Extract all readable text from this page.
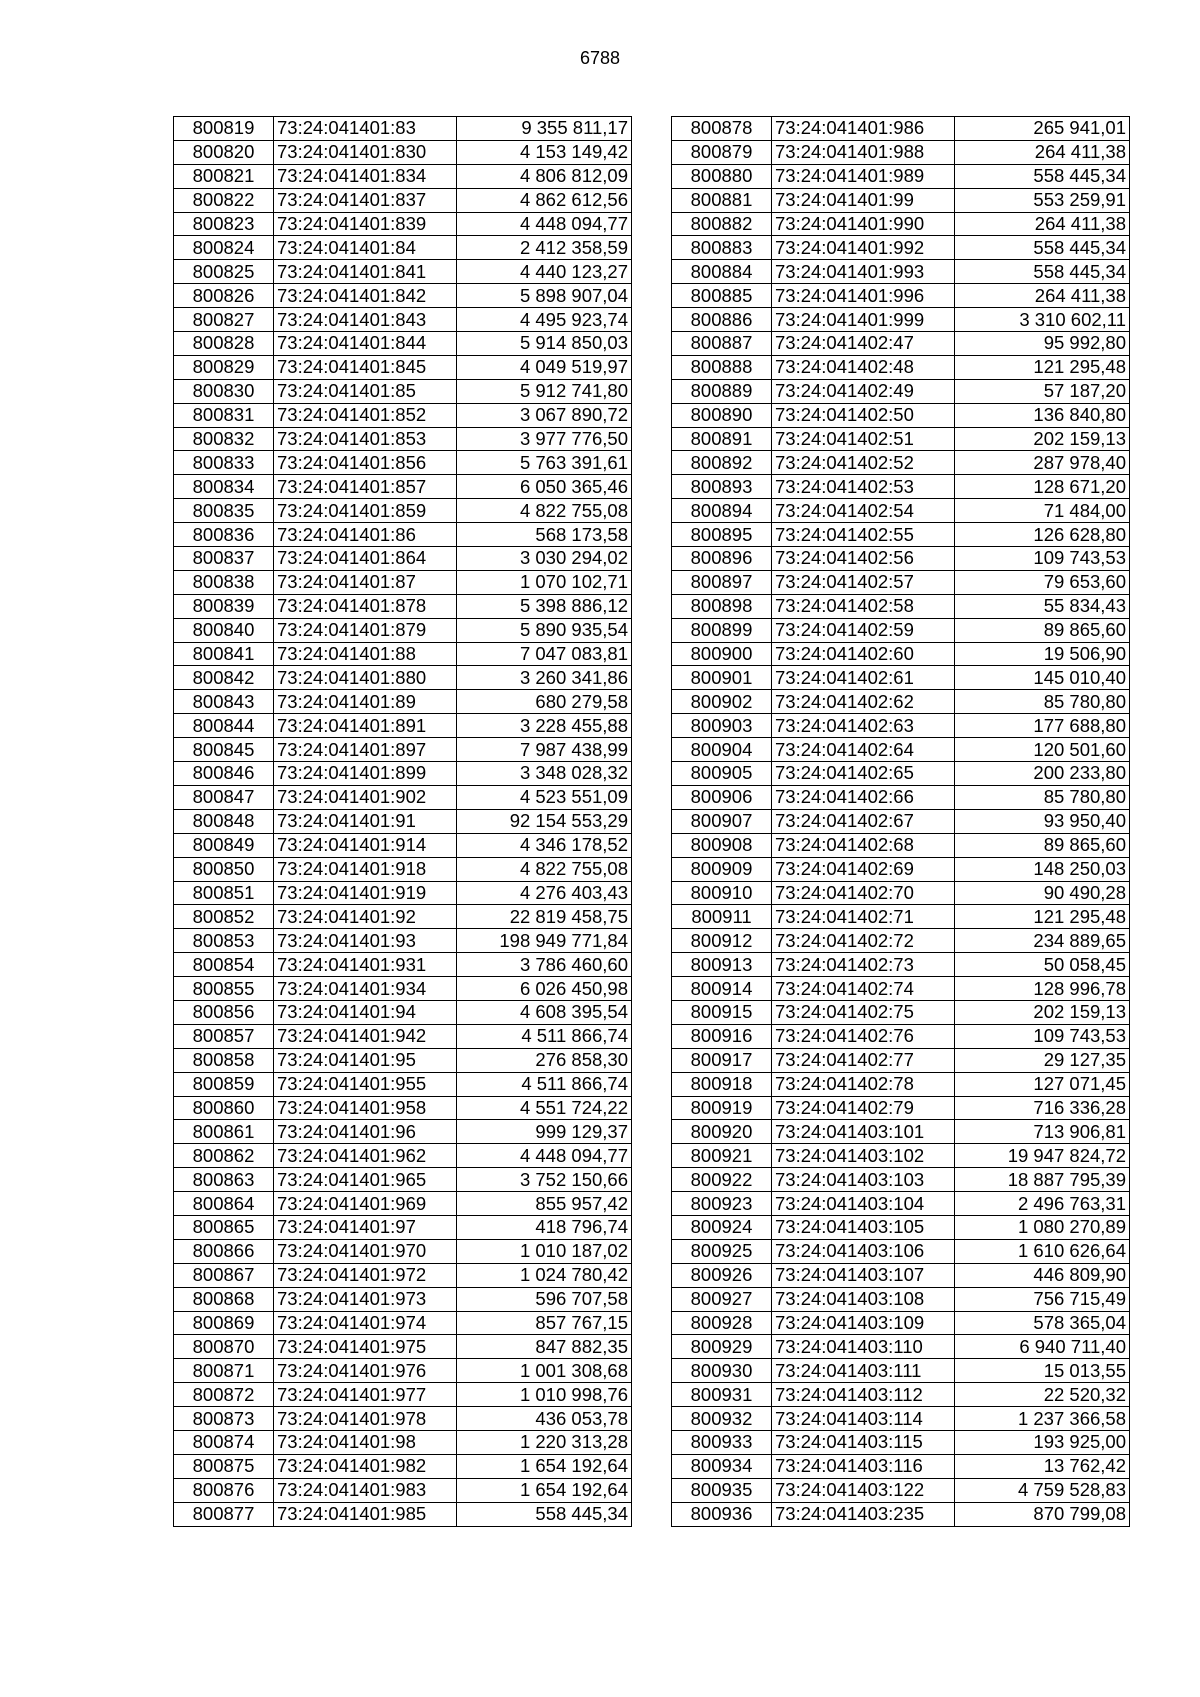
6788
800819	73:24:041401:83	9 355 811,17
800820	73:24:041401:830	4 153 149,42
800821	73:24:041401:834	4 806 812,09
800822	73:24:041401:837	4 862 612,56
800823	73:24:041401:839	4 448 094,77
800824	73:24:041401:84	2 412 358,59
800825	73:24:041401:841	4 440 123,27
800826	73:24:041401:842	5 898 907,04
800827	73:24:041401:843	4 495 923,74
800828	73:24:041401:844	5 914 850,03
800829	73:24:041401:845	4 049 519,97
800830	73:24:041401:85	5 912 741,80
800831	73:24:041401:852	3 067 890,72
800832	73:24:041401:853	3 977 776,50
800833	73:24:041401:856	5 763 391,61
800834	73:24:041401:857	6 050 365,46
800835	73:24:041401:859	4 822 755,08
800836	73:24:041401:86	568 173,58
800837	73:24:041401:864	3 030 294,02
800838	73:24:041401:87	1 070 102,71
800839	73:24:041401:878	5 398 886,12
800840	73:24:041401:879	5 890 935,54
800841	73:24:041401:88	7 047 083,81
800842	73:24:041401:880	3 260 341,86
800843	73:24:041401:89	680 279,58
800844	73:24:041401:891	3 228 455,88
800845	73:24:041401:897	7 987 438,99
800846	73:24:041401:899	3 348 028,32
800847	73:24:041401:902	4 523 551,09
800848	73:24:041401:91	92 154 553,29
800849	73:24:041401:914	4 346 178,52
800850	73:24:041401:918	4 822 755,08
800851	73:24:041401:919	4 276 403,43
800852	73:24:041401:92	22 819 458,75
800853	73:24:041401:93	198 949 771,84
800854	73:24:041401:931	3 786 460,60
800855	73:24:041401:934	6 026 450,98
800856	73:24:041401:94	4 608 395,54
800857	73:24:041401:942	4 511 866,74
800858	73:24:041401:95	276 858,30
800859	73:24:041401:955	4 511 866,74
800860	73:24:041401:958	4 551 724,22
800861	73:24:041401:96	999 129,37
800862	73:24:041401:962	4 448 094,77
800863	73:24:041401:965	3 752 150,66
800864	73:24:041401:969	855 957,42
800865	73:24:041401:97	418 796,74
800866	73:24:041401:970	1 010 187,02
800867	73:24:041401:972	1 024 780,42
800868	73:24:041401:973	596 707,58
800869	73:24:041401:974	857 767,15
800870	73:24:041401:975	847 882,35
800871	73:24:041401:976	1 001 308,68
800872	73:24:041401:977	1 010 998,76
800873	73:24:041401:978	436 053,78
800874	73:24:041401:98	1 220 313,28
800875	73:24:041401:982	1 654 192,64
800876	73:24:041401:983	1 654 192,64
800877	73:24:041401:985	558 445,34
800878	73:24:041401:986	265 941,01
800879	73:24:041401:988	264 411,38
800880	73:24:041401:989	558 445,34
800881	73:24:041401:99	553 259,91
800882	73:24:041401:990	264 411,38
800883	73:24:041401:992	558 445,34
800884	73:24:041401:993	558 445,34
800885	73:24:041401:996	264 411,38
800886	73:24:041401:999	3 310 602,11
800887	73:24:041402:47	95 992,80
800888	73:24:041402:48	121 295,48
800889	73:24:041402:49	57 187,20
800890	73:24:041402:50	136 840,80
800891	73:24:041402:51	202 159,13
800892	73:24:041402:52	287 978,40
800893	73:24:041402:53	128 671,20
800894	73:24:041402:54	71 484,00
800895	73:24:041402:55	126 628,80
800896	73:24:041402:56	109 743,53
800897	73:24:041402:57	79 653,60
800898	73:24:041402:58	55 834,43
800899	73:24:041402:59	89 865,60
800900	73:24:041402:60	19 506,90
800901	73:24:041402:61	145 010,40
800902	73:24:041402:62	85 780,80
800903	73:24:041402:63	177 688,80
800904	73:24:041402:64	120 501,60
800905	73:24:041402:65	200 233,80
800906	73:24:041402:66	85 780,80
800907	73:24:041402:67	93 950,40
800908	73:24:041402:68	89 865,60
800909	73:24:041402:69	148 250,03
800910	73:24:041402:70	90 490,28
800911	73:24:041402:71	121 295,48
800912	73:24:041402:72	234 889,65
800913	73:24:041402:73	50 058,45
800914	73:24:041402:74	128 996,78
800915	73:24:041402:75	202 159,13
800916	73:24:041402:76	109 743,53
800917	73:24:041402:77	29 127,35
800918	73:24:041402:78	127 071,45
800919	73:24:041402:79	716 336,28
800920	73:24:041403:101	713 906,81
800921	73:24:041403:102	19 947 824,72
800922	73:24:041403:103	18 887 795,39
800923	73:24:041403:104	2 496 763,31
800924	73:24:041403:105	1 080 270,89
800925	73:24:041403:106	1 610 626,64
800926	73:24:041403:107	446 809,90
800927	73:24:041403:108	756 715,49
800928	73:24:041403:109	578 365,04
800929	73:24:041403:110	6 940 711,40
800930	73:24:041403:111	15 013,55
800931	73:24:041403:112	22 520,32
800932	73:24:041403:114	1 237 366,58
800933	73:24:041403:115	193 925,00
800934	73:24:041403:116	13 762,42
800935	73:24:041403:122	4 759 528,83
800936	73:24:041403:235	870 799,08
